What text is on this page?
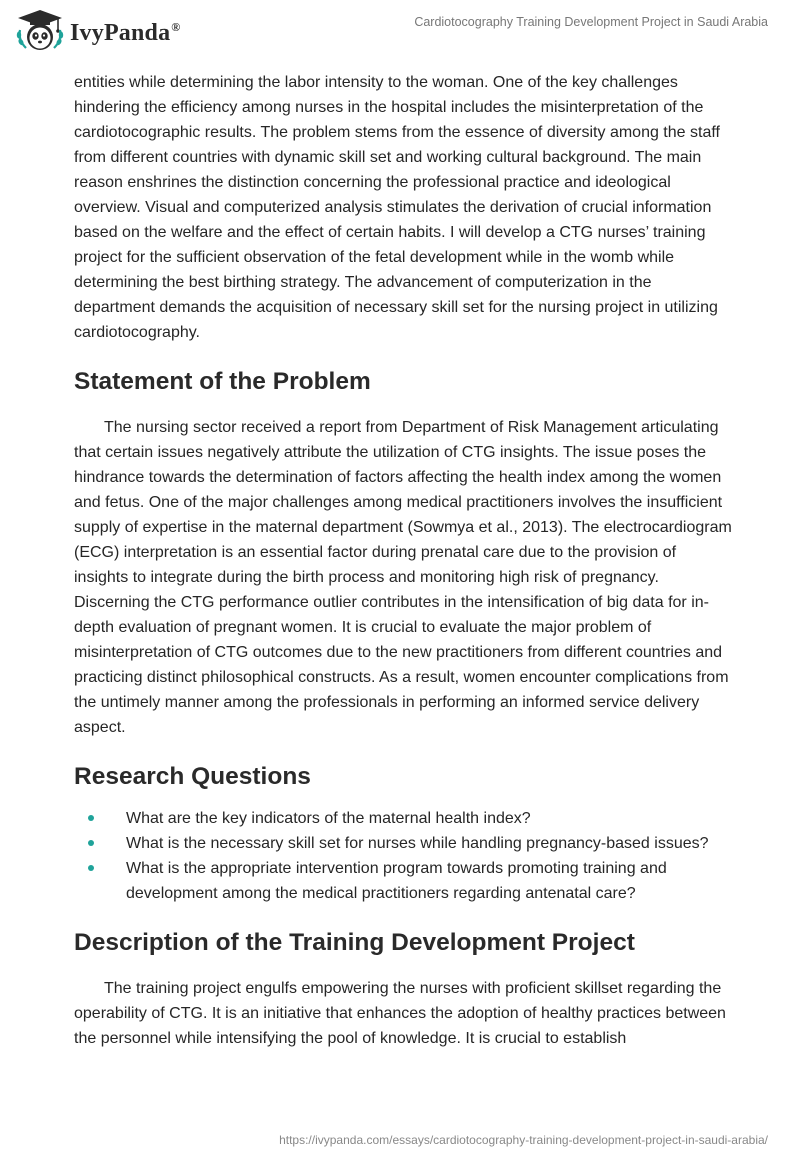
IvyPanda®	Cardiotocography Training Development Project in Saudi Arabia

entities while determining the labor intensity to the woman. One of the key challenges hindering the efficiency among nurses in the hospital includes the misinterpretation of the cardiotocographic results. The problem stems from the essence of diversity among the staff from different countries with dynamic skill set and working cultural background. The main reason enshrines the distinction concerning the professional practice and ideological overview. Visual and computerized analysis stimulates the derivation of crucial information based on the welfare and the effect of certain habits. I will develop a CTG nurses’ training project for the sufficient observation of the fetal development while in the womb while determining the best birthing strategy. The advancement of computerization in the department demands the acquisition of necessary skill set for the nursing project in utilizing cardiotocography.

Statement of the Problem

The nursing sector received a report from Department of Risk Management articulating that certain issues negatively attribute the utilization of CTG insights. The issue poses the hindrance towards the determination of factors affecting the health index among the women and fetus. One of the major challenges among medical practitioners involves the insufficient supply of expertise in the maternal department (Sowmya et al., 2013). The electrocardiogram (ECG) interpretation is an essential factor during prenatal care due to the provision of insights to integrate during the birth process and monitoring high risk of pregnancy. Discerning the CTG performance outlier contributes in the intensification of big data for in-depth evaluation of pregnant women. It is crucial to evaluate the major problem of misinterpretation of CTG outcomes due to the new practitioners from different countries and practicing distinct philosophical constructs. As a result, women encounter complications from the untimely manner among the professionals in performing an informed service delivery aspect.

Research Questions
What are the key indicators of the maternal health index?
What is the necessary skill set for nurses while handling pregnancy-based issues?
What is the appropriate intervention program towards promoting training and development among the medical practitioners regarding antenatal care?
Description of the Training Development Project

The training project engulfs empowering the nurses with proficient skillset regarding the operability of CTG. It is an initiative that enhances the adoption of healthy practices between the personnel while intensifying the pool of knowledge. It is crucial to establish

https://ivypanda.com/essays/cardiotocography-training-development-project-in-saudi-arabia/
